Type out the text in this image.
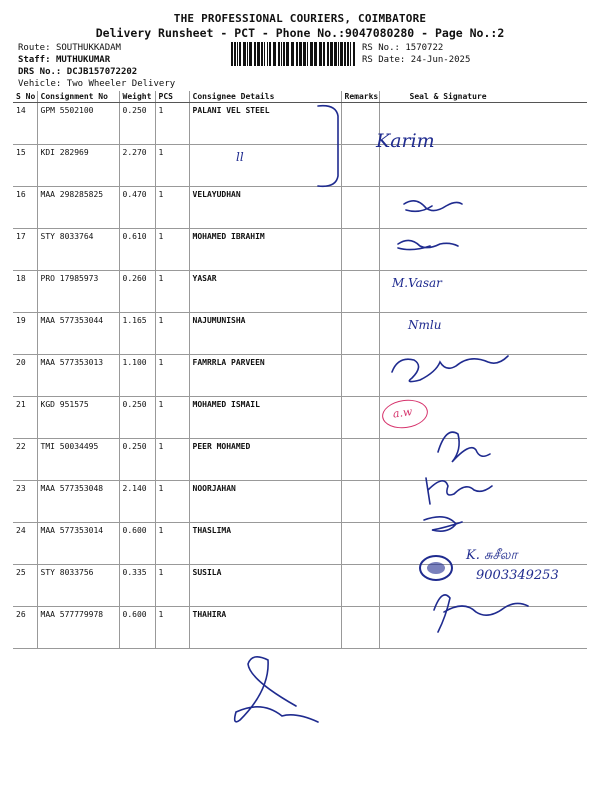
THE PROFESSIONAL COURIERS, COIMBATORE
Delivery Runsheet - PCT - Phone No.:9047080280 - Page No.:2
Route: SOUTHUKKADAM
Staff: MUTHUKUMAR
DRS No.: DCJB157072202
Vehicle: Two Wheeler Delivery
RS No.: 1570722
RS Date: 24-Jun-2025
S No	Consignment No	Weight	PCS	Consignee Details	Remarks	Seal & Signature
14	GPM 5502100	0.250	1	PALANI VEL STEEL		
15	KDI 282969	2.270	1			
16	MAA 298285825	0.470	1	VELAYUDHAN		
17	STY 8033764	0.610	1	MOHAMED IBRAHIM		
18	PRO 17985973	0.260	1	YASAR		
19	MAA 577353044	1.165	1	NAJUMUNISHA		
20	MAA 577353013	1.100	1	FAMRRLA PARVEEN		
21	KGD 951575	0.250	1	MOHAMED ISMAIL		
22	TMI 50034495	0.250	1	PEER MOHAMED		
23	MAA 577353048	2.140	1	NOORJAHAN		
24	MAA 577353014	0.600	1	THASLIMA		
25	STY 8033756	0.335	1	SUSILA		
26	MAA 577779978	0.600	1	THAHIRA		
ll
Karim
M.Vasar
Nmlu
a.w
K. சுசீலா
9003349253
